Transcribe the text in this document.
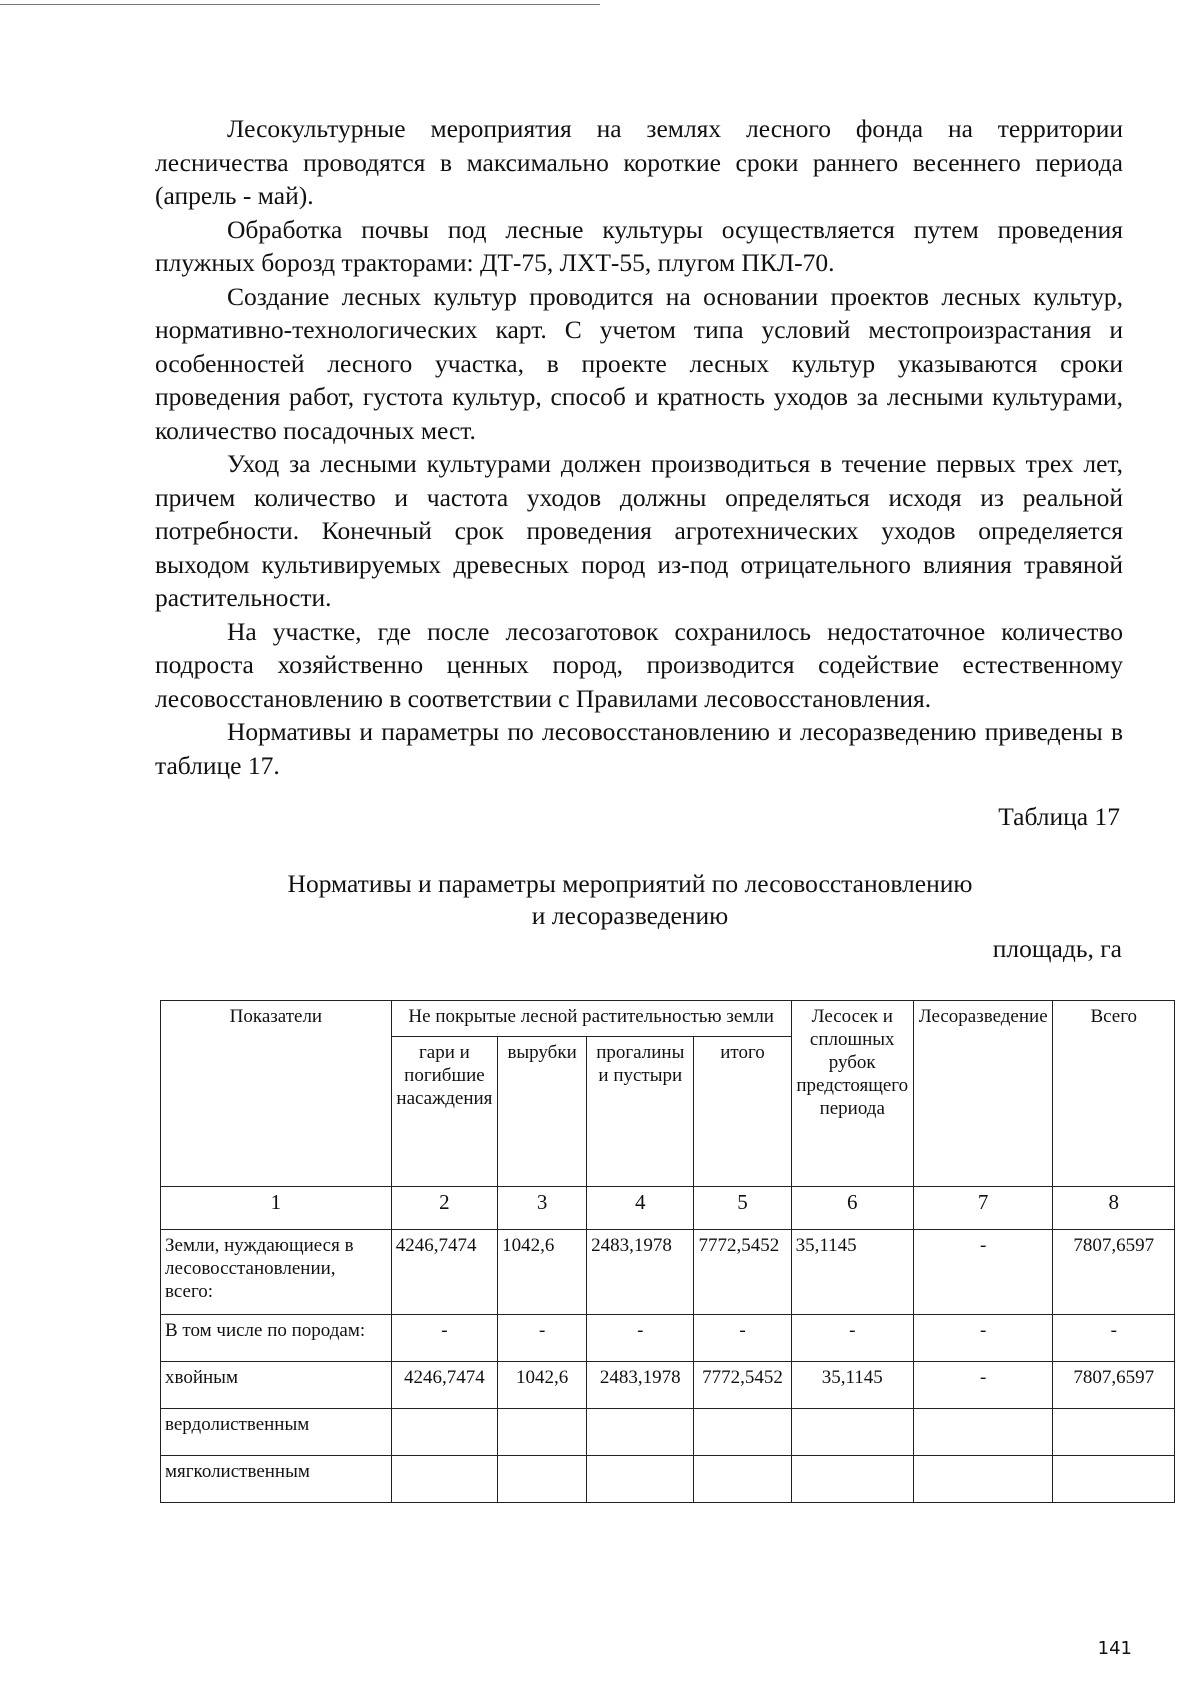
Лесокультурные мероприятия на землях лесного фонда на территории лесничества проводятся в максимально короткие сроки раннего весеннего периода (апрель - май).

Обработка почвы под лесные культуры осуществляется путем проведения плужных борозд тракторами: ДТ-75, ЛХТ-55, плугом ПКЛ-70.

Создание лесных культур проводится на основании проектов лесных культур, нормативно-технологических карт. С учетом типа условий местопроизрастания и особенностей лесного участка, в проекте лесных культур указываются сроки проведения работ, густота культур, способ и кратность уходов за лесными культурами, количество посадочных мест.

Уход за лесными культурами должен производиться в течение первых трех лет, причем количество и частота уходов должны определяться исходя из реальной потребности. Конечный срок проведения агротехнических уходов определяется выходом культивируемых древесных пород из-под отрицательного влияния травяной растительности.

На участке, где после лесозаготовок сохранилось недостаточное количество подроста хозяйственно ценных пород, производится содействие естественному лесовосстановлению в соответствии с Правилами лесовосстановления.

Нормативы и параметры по лесовосстановлению и лесоразведению приведены в таблице 17.

Таблица 17
Нормативы и параметры мероприятий по лесовосстановлению
и лесоразведению
площадь, га
Показатели	Не покрытые лесной растительностью земли				Лесосек и сплошных рубок предстоящего периода	Лесоразведение	Всего
	гари и погибшие насаждения	вырубки	прогалины и пустыри	итого			
1	2	3	4	5	6	7	8
Земли, нуждающиеся в лесовосстановлении, всего:	4246,7474	1042,6	2483,1978	7772,5452	35,1145	-	7807,6597
В том числе по породам:	-	-	-	-	-	-	-
хвойным	4246,7474	1042,6	2483,1978	7772,5452	35,1145	-	7807,6597
вердолиственным							
мягколиственным							
141
